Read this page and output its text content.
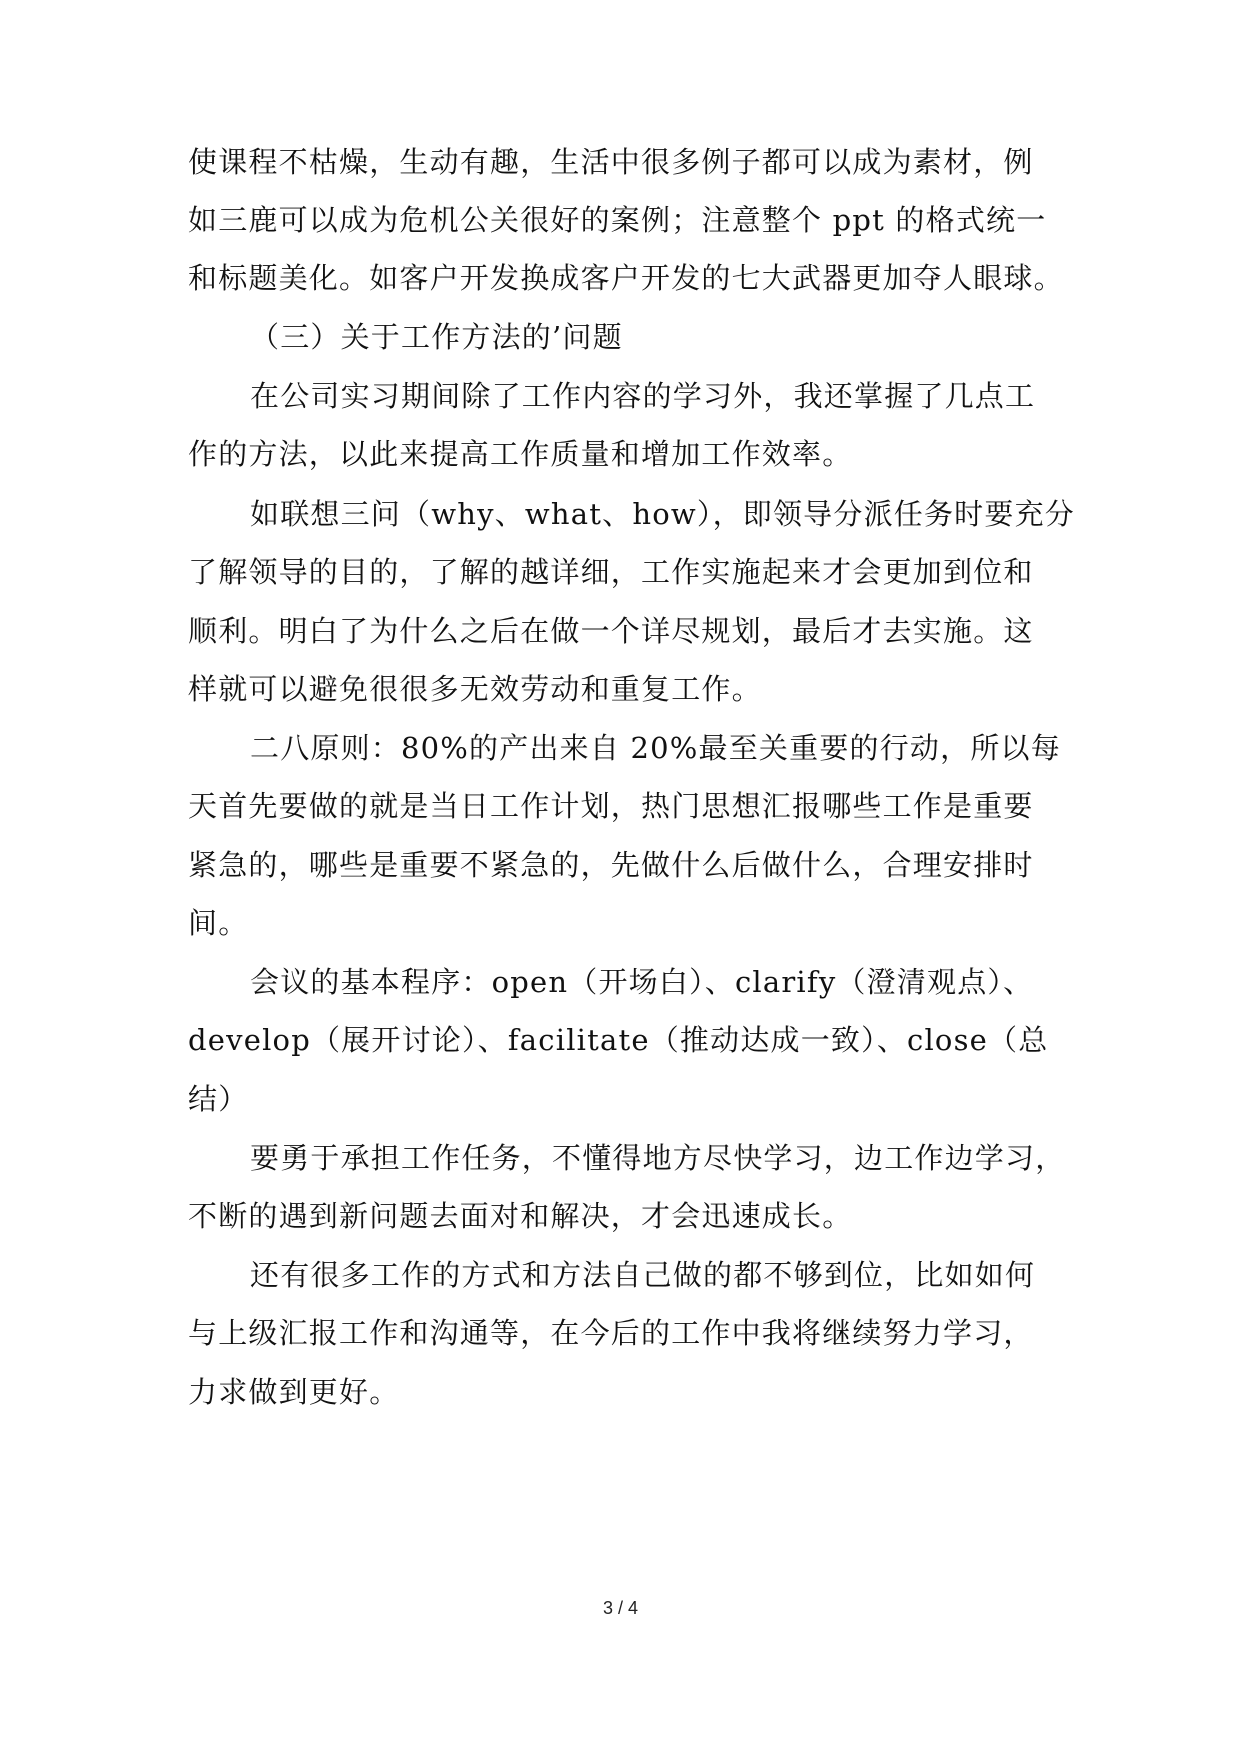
使课程不枯燥，生动有趣，生活中很多例子都可以成为素材，例
如三鹿可以成为危机公关很好的案例；注意整个 ppt 的格式统一
和标题美化。如客户开发换成客户开发的七大武器更加夺人眼球。
（三）关于工作方法的’问题
在公司实习期间除了工作内容的学习外，我还掌握了几点工
作的方法，以此来提高工作质量和增加工作效率。
如联想三问（why、what、how），即领导分派任务时要充分
了解领导的目的，了解的越详细，工作实施起来才会更加到位和
顺利。明白了为什么之后在做一个详尽规划，最后才去实施。这
样就可以避免很很多无效劳动和重复工作。
二八原则：80%的产出来自 20%最至关重要的行动，所以每
天首先要做的就是当日工作计划，热门思想汇报哪些工作是重要
紧急的，哪些是重要不紧急的，先做什么后做什么，合理安排时
间。
会议的基本程序：open（开场白）、clarify（澄清观点）、
develop（展开讨论）、facilitate（推动达成一致）、close（总
结）
要勇于承担工作任务，不懂得地方尽快学习，边工作边学习，
不断的遇到新问题去面对和解决，才会迅速成长。
还有很多工作的方式和方法自己做的都不够到位，比如如何
与上级汇报工作和沟通等，在今后的工作中我将继续努力学习，
力求做到更好。
3 / 4
